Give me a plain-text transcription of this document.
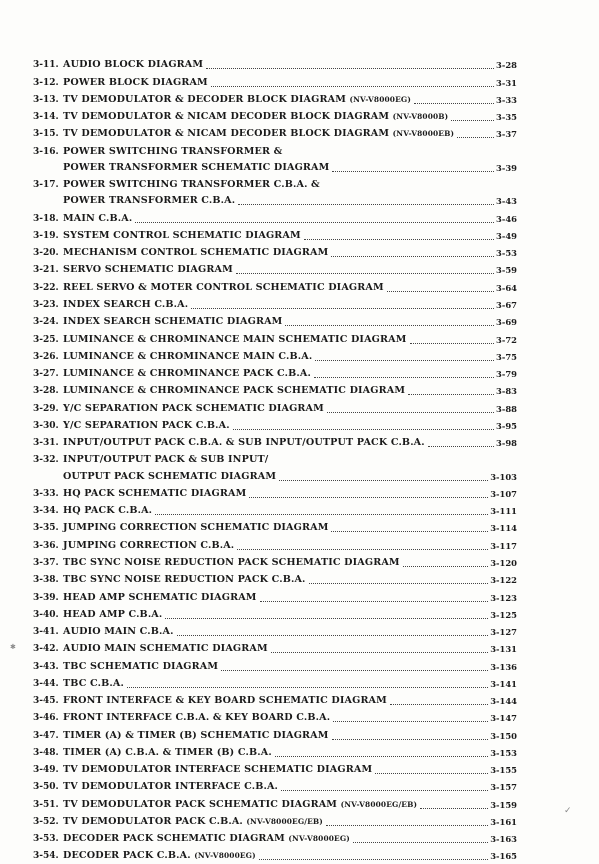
3-11. AUDIO BLOCK DIAGRAM	3-28
3-12. POWER BLOCK DIAGRAM	3-31
3-13. TV DEMODULATOR & DECODER BLOCK DIAGRAM (NV-V8000EG)	3-33
3-14. TV DEMODULATOR & NICAM DECODER BLOCK DIAGRAM (NV-V8000B)	3-35
3-15. TV DEMODULATOR & NICAM DECODER BLOCK DIAGRAM (NV-V8000EB)	3-37
3-16. POWER SWITCHING TRANSFORMER &
POWER TRANSFORMER SCHEMATIC DIAGRAM	3-39
3-17. POWER SWITCHING TRANSFORMER C.B.A. &
POWER TRANSFORMER C.B.A.	3-43
3-18. MAIN C.B.A.	3-46
3-19. SYSTEM CONTROL SCHEMATIC DIAGRAM	3-49
3-20. MECHANISM CONTROL SCHEMATIC DIAGRAM	3-53
3-21. SERVO SCHEMATIC DIAGRAM	3-59
3-22. REEL SERVO & MOTER CONTROL SCHEMATIC DIAGRAM	3-64
3-23. INDEX SEARCH C.B.A.	3-67
3-24. INDEX SEARCH SCHEMATIC DIAGRAM	3-69
3-25. LUMINANCE & CHROMINANCE MAIN SCHEMATIC DIAGRAM	3-72
3-26. LUMINANCE & CHROMINANCE MAIN C.B.A.	3-75
3-27. LUMINANCE & CHROMINANCE PACK C.B.A.	3-79
3-28. LUMINANCE & CHROMINANCE PACK SCHEMATIC DIAGRAM	3-83
3-29. Y/C SEPARATION PACK SCHEMATIC DIAGRAM	3-88
3-30. Y/C SEPARATION PACK C.B.A.	3-95
3-31. INPUT/OUTPUT PACK C.B.A. & SUB INPUT/OUTPUT PACK C.B.A.	3-98
3-32. INPUT/OUTPUT PACK & SUB INPUT/
OUTPUT PACK SCHEMATIC DIAGRAM	3-103
3-33. HQ PACK SCHEMATIC DIAGRAM	3-107
3-34. HQ PACK C.B.A.	3-111
3-35. JUMPING CORRECTION SCHEMATIC DIAGRAM	3-114
3-36. JUMPING CORRECTION C.B.A.	3-117
3-37. TBC SYNC NOISE REDUCTION PACK SCHEMATIC DIAGRAM	3-120
3-38. TBC SYNC NOISE REDUCTION PACK C.B.A.	3-122
3-39. HEAD AMP SCHEMATIC DIAGRAM	3-123
3-40. HEAD AMP C.B.A.	3-125
3-41. AUDIO MAIN C.B.A.	3-127
3-42. AUDIO MAIN SCHEMATIC DIAGRAM	3-131
3-43. TBC SCHEMATIC DIAGRAM	3-136
3-44. TBC C.B.A.	3-141
3-45. FRONT INTERFACE & KEY BOARD SCHEMATIC DIAGRAM	3-144
3-46. FRONT INTERFACE C.B.A. & KEY BOARD C.B.A.	3-147
3-47. TIMER (A) & TIMER (B) SCHEMATIC DIAGRAM	3-150
3-48. TIMER (A) C.B.A. & TIMER (B) C.B.A.	3-153
3-49. TV DEMODULATOR INTERFACE SCHEMATIC DIAGRAM	3-155
3-50. TV DEMODULATOR INTERFACE C.B.A.	3-157
3-51. TV DEMODULATOR PACK SCHEMATIC DIAGRAM (NV-V8000EG/EB)	3-159
3-52. TV DEMODULATOR PACK C.B.A. (NV-V8000EG/EB)	3-161
3-53. DECODER PACK SCHEMATIC DIAGRAM (NV-V8000EG)	3-163
3-54. DECODER PACK C.B.A. (NV-V8000EG)	3-165
✱
✓
